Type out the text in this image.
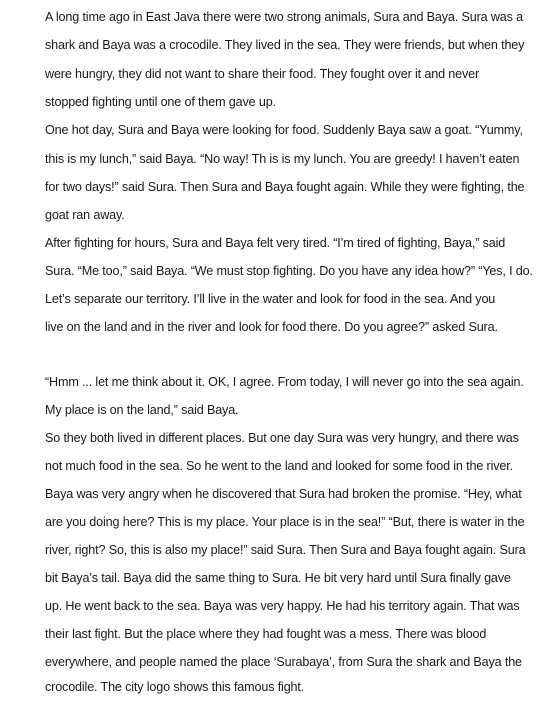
A long time ago in East Java there were two strong animals, Sura and Baya. Sura was a
shark and Baya was a crocodile. They lived in the sea. They were friends, but when they
were hungry, they did not want to share their food. They fought over it and never
stopped fighting until one of them gave up.
One hot day, Sura and Baya were looking for food. Suddenly Baya saw a goat. “Yummy,
this is my lunch,” said Baya. “No way! Th is is my lunch. You are greedy! I haven’t eaten
for two days!” said Sura. Then Sura and Baya fought again. While they were fighting, the
goat ran away.
After fighting for hours, Sura and Baya felt very tired. “I’m tired of fighting, Baya,” said
Sura. “Me too,” said Baya. “We must stop fighting. Do you have any idea how?” “Yes, I do.
Let’s separate our territory. I’ll live in the water and look for food in the sea. And you
live on the land and in the river and look for food there. Do you agree?” asked Sura.
“Hmm ... let me think about it. OK, I agree. From today, I will never go into the sea again.
My place is on the land,” said Baya.
So they both lived in different places. But one day Sura was very hungry, and there was
not much food in the sea. So he went to the land and looked for some food in the river.
Baya was very angry when he discovered that Sura had broken the promise. “Hey, what
are you doing here? This is my place. Your place is in the sea!” “But, there is water in the
river, right? So, this is also my place!” said Sura. Then Sura and Baya fought again. Sura
bit Baya’s tail. Baya did the same thing to Sura. He bit very hard until Sura finally gave
up. He went back to the sea. Baya was very happy. He had his territory again. That was
their last fight. But the place where they had fought was a mess. There was blood
everywhere, and people named the place ‘Surabaya’, from Sura the shark and Baya the
crocodile. The city logo shows this famous fight.
